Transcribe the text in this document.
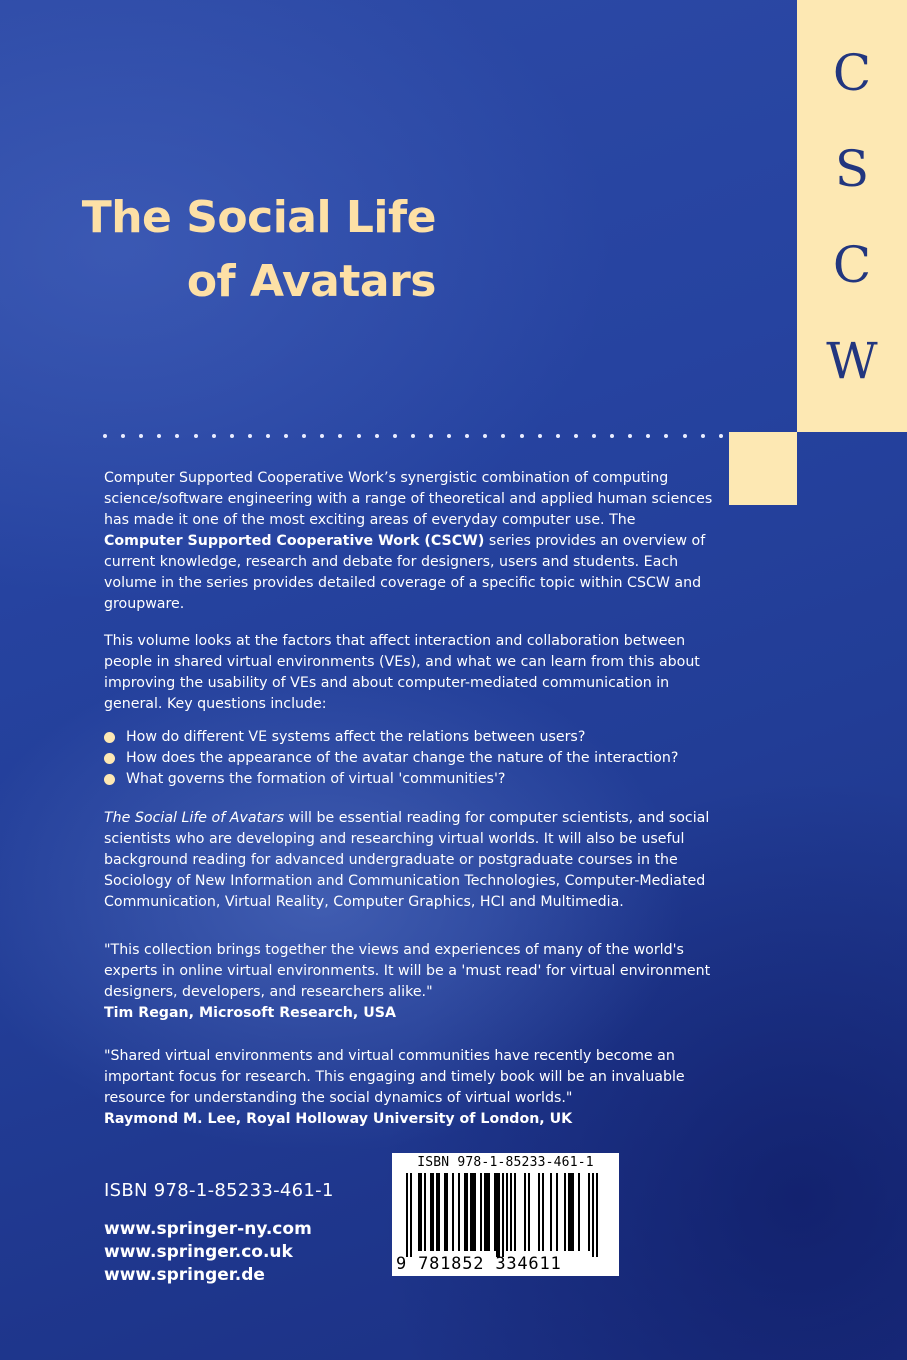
C
S
C
W
The Social Life
of Avatars

Computer Supported Cooperative Work’s synergistic combination of computing science/software engineering with a range of theoretical and applied human sciences has made it one of the most exciting areas of everyday computer use. The Computer Supported Cooperative Work (CSCW) series provides an overview of current knowledge, research and debate for designers, users and students. Each volume in the series provides detailed coverage of a specific topic within CSCW and groupware.

This volume looks at the factors that affect interaction and collaboration between people in shared virtual environments (VEs), and what we can learn from this about improving the usability of VEs and about computer-mediated communication in general. Key questions include:

How do different VE systems affect the relations between users?
How does the appearance of the avatar change the nature of the interaction?
What governs the formation of virtual 'communities'?

The Social Life of Avatars will be essential reading for computer scientists, and social scientists who are developing and researching virtual worlds. It will also be useful background reading for advanced undergraduate or postgraduate courses in the Sociology of New Information and Communication Technologies, Computer-Mediated Communication, Virtual Reality, Computer Graphics, HCI and Multimedia.

"This collection brings together the views and experiences of many of the world's experts in online virtual environments. It will be a 'must read' for virtual environment designers, developers, and researchers alike."
Tim Regan, Microsoft Research, USA
"Shared virtual environments and virtual communities have recently become an important focus for research. This engaging and timely book will be an invaluable resource for understanding the social dynamics of virtual worlds."
Raymond M. Lee, Royal Holloway University of London, UK
ISBN 978-1-85233-461-1
www.springer-ny.com
www.springer.co.uk
www.springer.de
ISBN 978-1-85233-461-1
9 781852 334611
